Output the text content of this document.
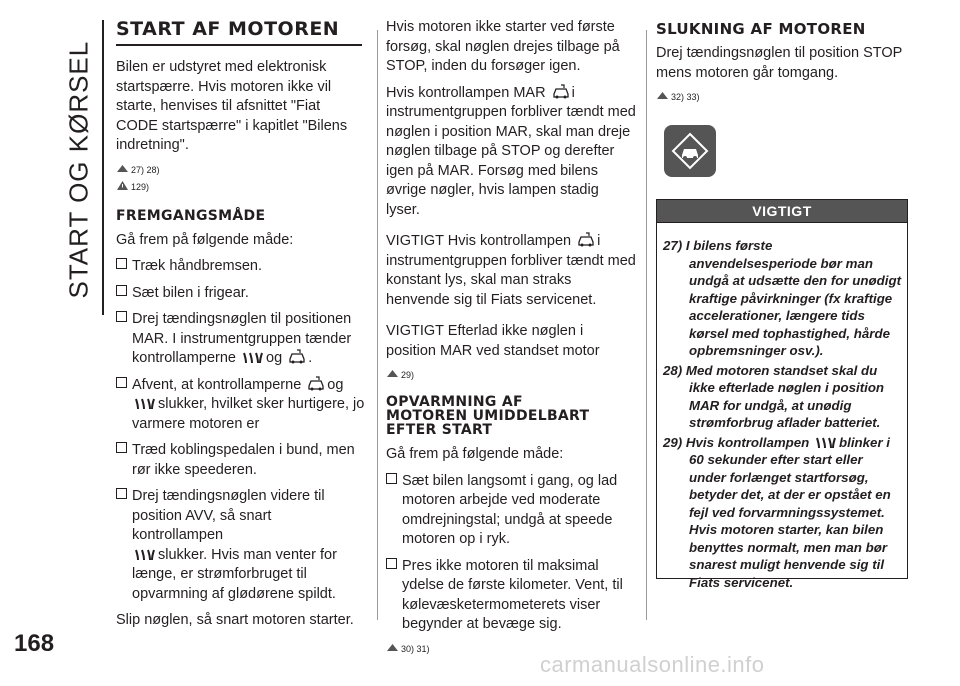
START OG KØRSEL
168
START AF MOTOREN

Bilen er udstyret med elektronisk startspærre. Hvis motoren ikke vil starte, henvises til afsnittet "Fiat CODE startspærre" i kapitlet "Bilens indretning".

27) 28)
129)
FREMGANGSMÅDE

Gå frem på følgende måde:

Træk håndbremsen.
Sæt bilen i frigear.
Drej tændingsnøglen til positionen MAR. I instrumentgruppen tænder kontrollamperne og .
Afvent, at kontrollamperne og
slukker, hvilket sker hurtigere, jo varmere motoren er
Træd koblingspedalen i bund, men rør ikke speederen.
Drej tændingsnøglen videre til position AVV, så snart kontrollampen
slukker. Hvis man venter for længe, er strømforbruget til opvarmning af glødørene spildt.

Slip nøglen, så snart motoren starter.

Hvis motoren ikke starter ved første forsøg, skal nøglen drejes tilbage på STOP, inden du forsøger igen.

Hvis kontrollampen MAR i instrumentgruppen forbliver tændt med nøglen i position MAR, skal man dreje nøglen tilbage på STOP og derefter igen på MAR. Forsøg med bilens øvrige nøgler, hvis lampen stadig lyser.

VIGTIGT Hvis kontrollampen i instrumentgruppen forbliver tændt med konstant lys, skal man straks henvende sig til Fiats servicenet.

VIGTIGT Efterlad ikke nøglen i position MAR ved standset motor

29)
OPVARMNING AF MOTOREN UMIDDELBART EFTER START

Gå frem på følgende måde:

Sæt bilen langsomt i gang, og lad motoren arbejde ved moderate omdrejningstal; undgå at speede motoren op i ryk.
Pres ikke motoren til maksimal ydelse de første kilometer. Vent, til kølevæsketermometerets viser begynder at bevæge sig.
30) 31)
SLUKNING AF MOTOREN

Drej tændingsnøglen til position STOP mens motoren går tomgang.

32) 33)
VIGTIGT
27) I bilens første anvendelsesperiode bør man undgå at udsætte den for unødigt kraftige påvirkninger (fx kraftige accelerationer, længere tids kørsel med tophastighed, hårde opbremsninger osv.).
28) Med motoren standset skal du ikke efterlade nøglen i position MAR for undgå, at unødig strømforbrug aflader batteriet.
29) Hvis kontrollampen blinker i 60 sekunder efter start eller under forlænget startforsøg, betyder det, at der er opstået en fejl ved forvarmningssystemet. Hvis motoren starter, kan bilen benyttes normalt, men man bør snarest muligt henvende sig til Fiats servicenet.
carmanualsonline.info
